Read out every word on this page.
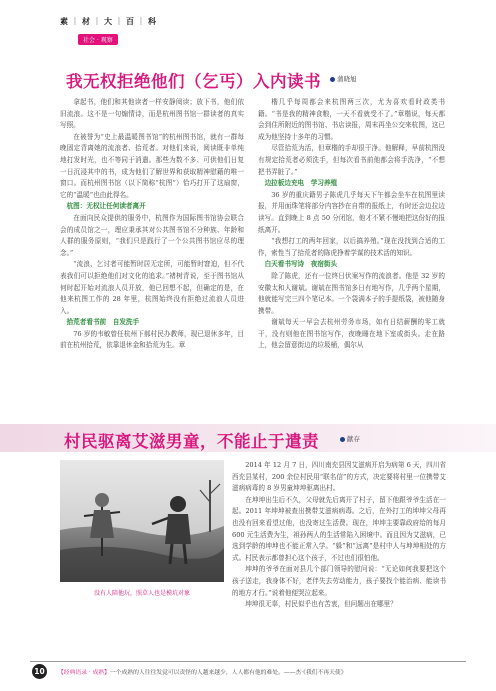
素 | 材 | 大 | 百 | 科
社会 · 观察
我无权拒绝他们（乞丐）入内读书	蒲晓旭

拿起书，他们和其他读者一样安静阅读；放下书，他们依旧流浪。这不是一句煽情诗，而是杭州图书馆一群读者的真实写照。

在被誉为“史上最温暖图书馆”的杭州图书馆，就有一群每晚固定背离她的流浪者、拾荒者。对他们来说，阅读既非单纯地打发时光，也不等同于消遣。那些为数不多、可供他们日复一日沉浸其中的书，成为他们了解世界和获取精神慰藉的唯一窗口。而杭州图书馆（以下简称“杭图”）恰巧打开了这扇窗，它的“温暖”也由此得名。

杭图：无权让任何读者离开

在面向民众提供的服务中，杭图作为国际图书馆协会联合会的成员馆之一，理应秉承其对公共图书馆不分种族、年龄和人群的服务原则，“我们只是践行了一个公共图书馆应尽的理念。”

“流浪、乞讨者可能暂时居无定所，可能暂时窘迫，但不代表我们可以拒绝他们对文化的追求。”褚树青说，至于图书馆从何时起开始对流浪人员开放，他已回想不起，但确定的是，在他来杭图工作的 28 年里，杭图始终没有拒绝过流浪人员进入。

拾荒者看书前　自发洗手

76 岁的韦敏曾任杭州下郝村民办教师，现已退休多年，目前在杭州拾荒，依靠退休金和拾荒为生。章

楷几乎每周都会来杭图两三次，尤为喜欢看时政类书籍。“书是我的精神食粮，一天不看就受不了。”章楷说，每天都会到住所附近的图书馆、书店读报，周末再坐公交来杭图，这已成为他坚持十多年的习惯。

尽管拾荒为活，但章楷的手却很干净。他解释，早前杭图没有规定拾荒者必须洗手，但每次看书前他都会将手洗净，“不想把书弄脏了。”

边拉板边充电　学习养殖

36 岁的重庆籍男子陈虎几乎每天下午都会坐车在杭图里读报，并用面珠笔将部分内容抄在自带的报纸上，有时还会边拉边读写。直到晚上 8 点 50 分闭馆，他才不紧不慢地把这份好的报纸离开。

“我想打工的两年回家，以后搞养殖。”现在没找到合适的工作，索性当了拾荒者的陈虎挣着学谋的技术活的知识。

白天看书写诗　夜宿街头

除了陈虎，还有一位终日伏案写作的流浪者。他是 32 岁的安徽太和人谢斌。谢斌在图书馆多日有地写作，几乎两个星期，他就能写完三四个笔记本。一个袋满本子的手提纸袋，被他随身携带。

谢斌每天一早会去杭州劳务市场，如有日结薪酬的零工就干，没有则他在图书馆写作，夜晚睡在地下室或街头。走在路上，他会留意街边的垃圾桶，偶尔从

村民驱离艾滋男童，不能止于遣责	献存
没有人陪他玩，照草人也是模坑对象

2014 年 12 月 7 日，四川南充县因艾滋病开启为病第 6 天，四川省西充县某村，200 余位村民用“联名信”的方式，决定要将村里一位携带艾滋病病毒的 8 岁男童坤坤驱离出村。

在坤坤出生后不久，父母就先后离开了村子，留下他跟爷爷生活在一起。2011 年坤坤被查出携带艾滋病病毒。之后，在外打工的坤坤父母再也没有回来看望过他，也没寄过生活费。现在，坤坤主要靠政府给的每月 600 元生活费为生，祖孙两人的生活常陷入困境中。而且因为艾滋病，已选到学龄的坤坤也不能正常入学。“躲”和“远离”是村中人与坤坤相处的方式。村民表示都曾担心这个孩子，不过也们很怕他。

坤坤的爷爷在面对县几个部门领导的慰问说：“无论如何我要把这个孩子送走，我身体不好，老伴失去劳动能力，孩子要找个能治病、能读书的地方才行。”说着他便哭泣起来。

坤坤很无辜，村民似乎也有苦衷，但问题出在哪里？

10	【经典语录 · 成熟】一个成熟的人往往发觉可以责怪的人越来越少，人人都有他的难处。——杰·《我们不再天使》
